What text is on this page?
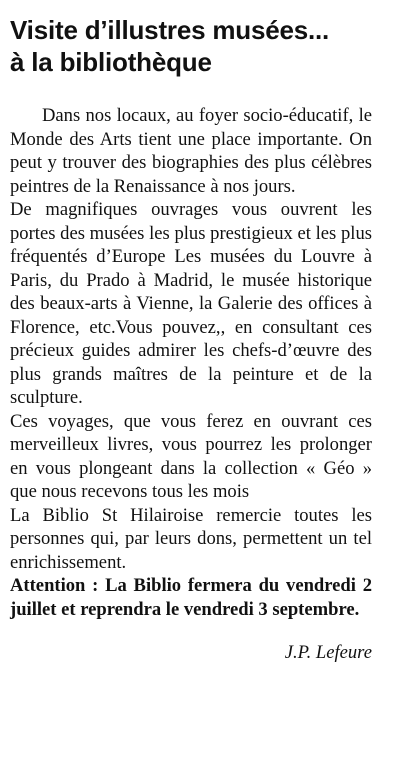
Visite d’illustres musées...
à la bibliothèque

Dans nos locaux, au foyer socio-éducatif, le Monde des Arts tient une place importante. On peut y trouver des biographies des plus célèbres peintres de la Renaissance à nos jours.

De magnifiques ouvrages vous ouvrent les portes des musées les plus prestigieux et les plus fréquentés d’Europe Les musées du Louvre à Paris, du Prado à Madrid, le musée historique des beaux-arts à Vienne, la Galerie des offices à Florence, etc.Vous pouvez,, en consultant ces précieux guides admirer les chefs-d’œuvre des plus grands maîtres de la peinture et de la sculpture.

Ces voyages, que vous ferez en ouvrant ces merveilleux livres, vous pourrez les prolonger en vous plongeant dans la collection « Géo » que nous recevons tous les mois

La Biblio St Hilairoise remercie toutes les personnes qui, par leurs dons, permettent un tel enrichissement.

Attention : La Biblio fermera du vendredi 2 juillet et reprendra le vendredi 3 septembre.

J.P. Lefeure
